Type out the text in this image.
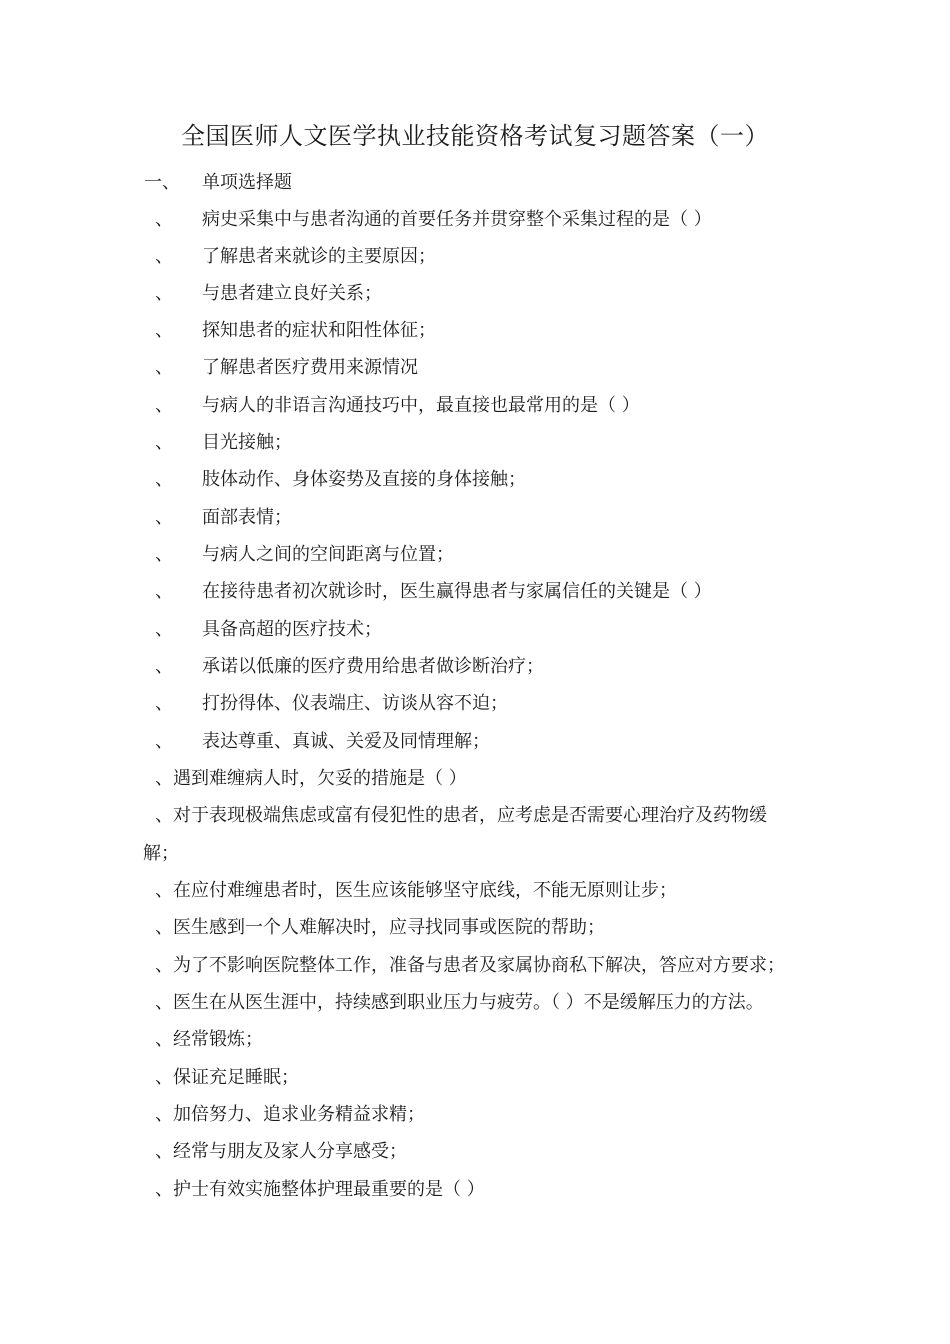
全国医师人文医学执业技能资格考试复习题答案（一）
一、 单项选择题
、 病史采集中与患者沟通的首要任务并贯穿整个采集过程的是（ ）
、 了解患者来就诊的主要原因；
、 与患者建立良好关系；
、 探知患者的症状和阳性体征；
、 了解患者医疗费用来源情况
、 与病人的非语言沟通技巧中，最直接也最常用的是（ ）
、 目光接触；
、 肢体动作、身体姿势及直接的身体接触；
、 面部表情；
、 与病人之间的空间距离与位置；
、 在接待患者初次就诊时，医生赢得患者与家属信任的关键是（ ）
、 具备高超的医疗技术；
、 承诺以低廉的医疗费用给患者做诊断治疗；
、 打扮得体、仪表端庄、访谈从容不迫；
、 表达尊重、真诚、关爱及同情理解；
、遇到难缠病人时，欠妥的措施是（ ）
、对于表现极端焦虑或富有侵犯性的患者，应考虑是否需要心理治疗及药物缓
解；
、在应付难缠患者时，医生应该能够坚守底线，不能无原则让步；
、医生感到一个人难解决时，应寻找同事或医院的帮助；
、为了不影响医院整体工作，准备与患者及家属协商私下解决，答应对方要求；
、医生在从医生涯中，持续感到职业压力与疲劳。（ ）不是缓解压力的方法。
、经常锻炼；
、保证充足睡眠；
、加倍努力、追求业务精益求精；
、经常与朋友及家人分享感受；
、护士有效实施整体护理最重要的是（ ）
